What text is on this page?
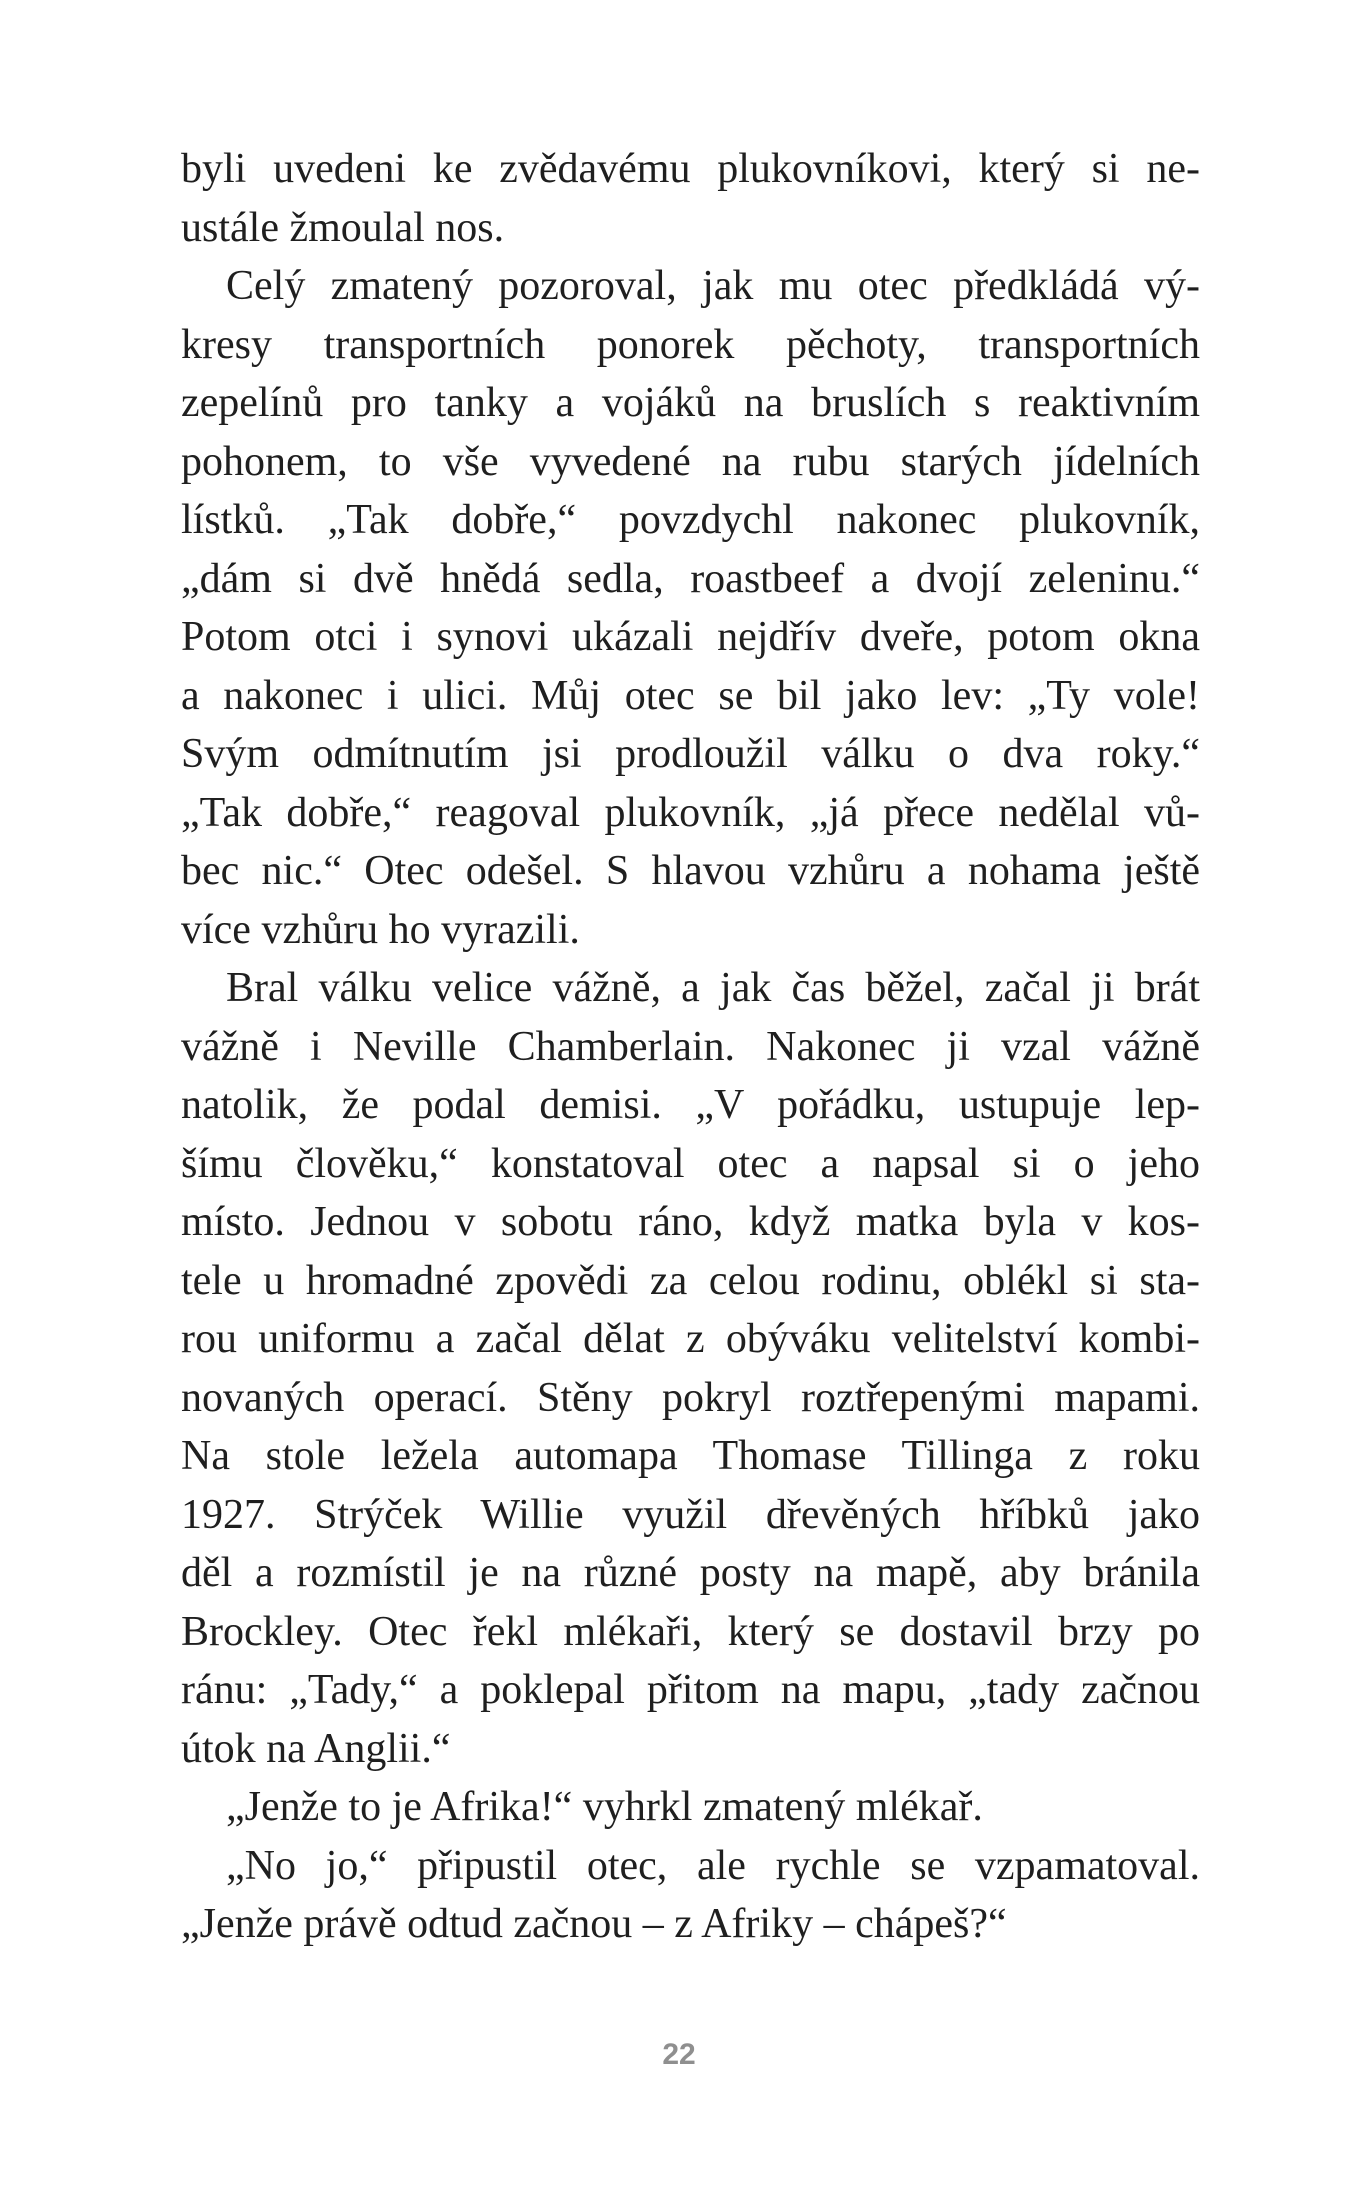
byli uvedeni ke zvědavému plukovníkovi, který si ne-
ustále žmoulal nos.
Celý zmatený pozoroval, jak mu otec předkládá vý-
kresy transportních ponorek pěchoty, transportních
zepelínů pro tanky a vojáků na bruslích s reaktivním
pohonem, to vše vyvedené na rubu starých jídelních
lístků. „Tak dobře,“ povzdychl nakonec plukovník,
„dám si dvě hnědá sedla, roastbeef a dvojí zeleninu.“
Potom otci i synovi ukázali nejdřív dveře, potom okna
a nakonec i ulici. Můj otec se bil jako lev: „Ty vole!
Svým odmítnutím jsi prodloužil válku o dva roky.“
„Tak dobře,“ reagoval plukovník, „já přece nedělal vů-
bec nic.“ Otec odešel. S hlavou vzhůru a nohama ještě
více vzhůru ho vyrazili.
Bral válku velice vážně, a jak čas běžel, začal ji brát
vážně i Neville Chamberlain. Nakonec ji vzal vážně
natolik, že podal demisi. „V pořádku, ustupuje lep-
šímu člověku,“ konstatoval otec a napsal si o jeho
místo. Jednou v sobotu ráno, když matka byla v kos-
tele u hromadné zpovědi za celou rodinu, oblékl si sta-
rou uniformu a začal dělat z obýváku velitelství kombi-
novaných operací. Stěny pokryl roztřepenými mapami.
Na stole ležela automapa Thomase Tillinga z roku
1927. Strýček Willie využil dřevěných hříbků jako
děl a rozmístil je na různé posty na mapě, aby bránila
Brockley. Otec řekl mlékaři, který se dostavil brzy po
ránu: „Tady,“ a poklepal přitom na mapu, „tady začnou
útok na Anglii.“
„Jenže to je Afrika!“ vyhrkl zmatený mlékař.
„No jo,“ připustil otec, ale rychle se vzpamatoval.
„Jenže právě odtud začnou – z Afriky – chápeš?“
22
